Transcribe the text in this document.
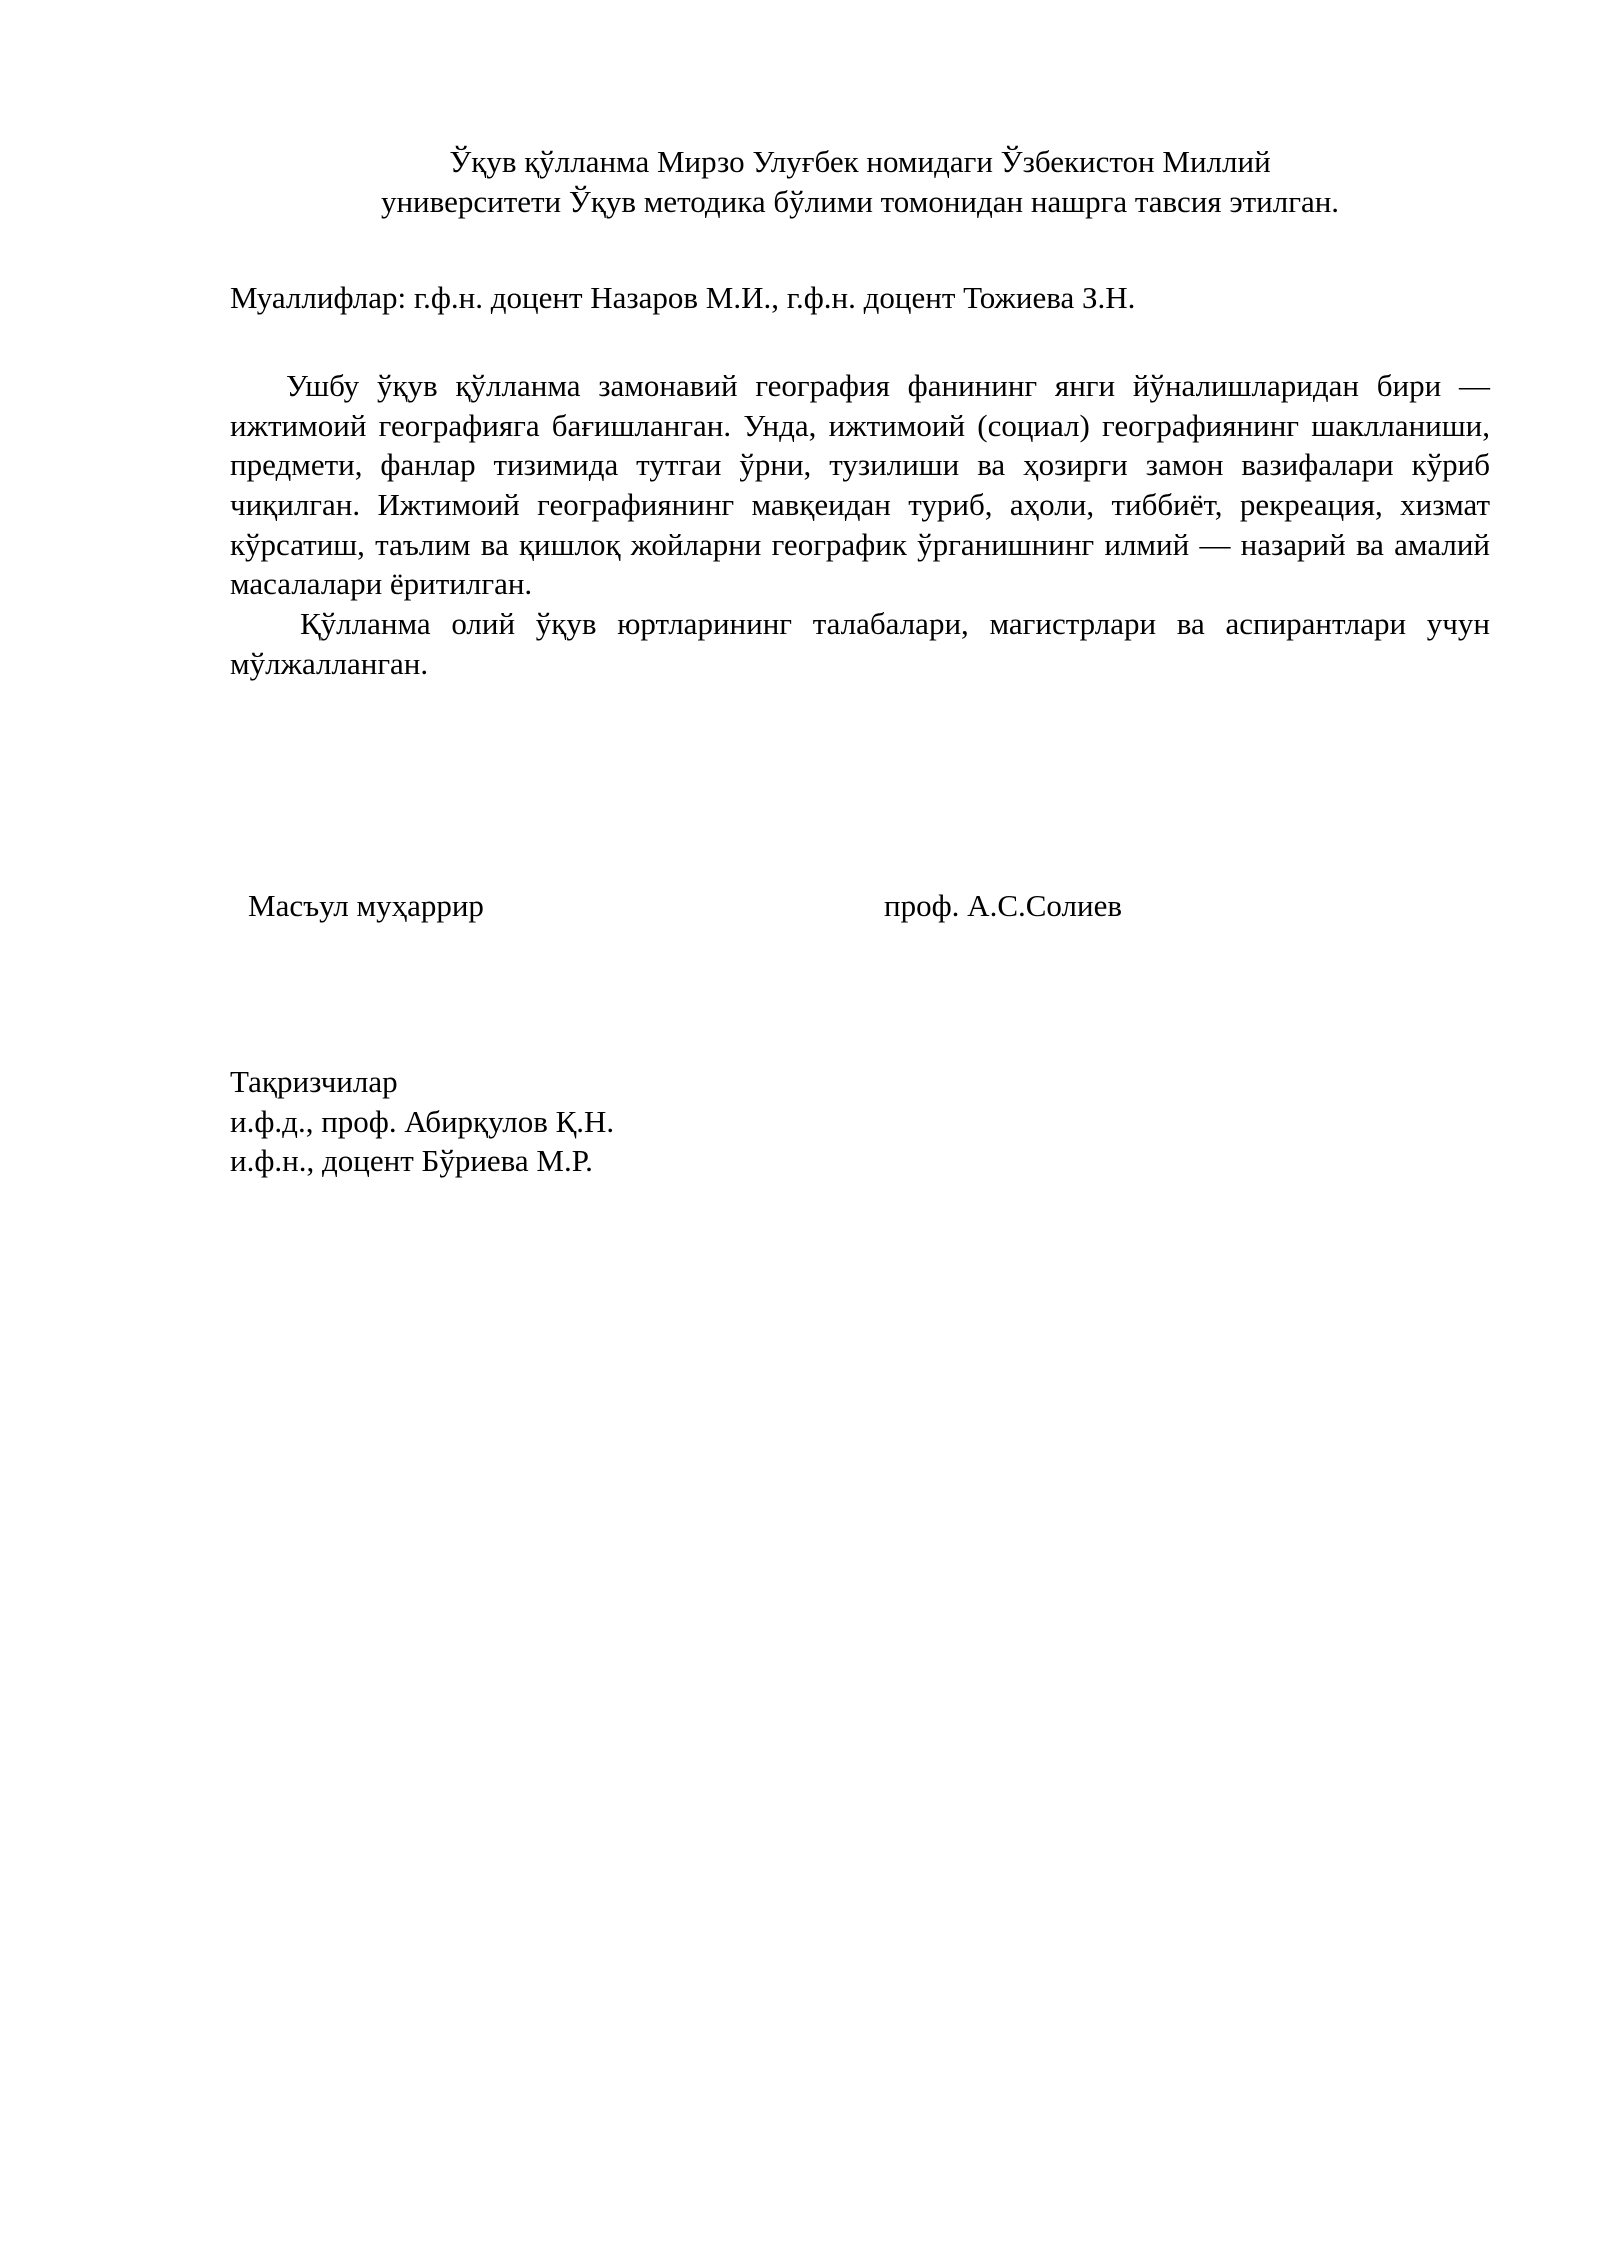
Ўқув қўлланма Мирзо Улуғбек номидаги Ўзбекистон Миллий
университети Ўқув методика бўлими томонидан нашрга тавсия этилган.
Муаллифлар: г.ф.н. доцент Назаров М.И., г.ф.н. доцент Тожиева З.Н.

Ушбу ўқув қўлланма замонавий география фанининг янги йўналишларидан бири — ижтимоий географияга бағишланган. Унда, ижтимоий (социал) географиянинг шаклланиши, предмети, фанлар тизимида тутгаи ўрни, тузилиши ва ҳозирги замон вазифалари кўриб чиқилган. Ижтимоий географиянинг мавқеидан туриб, аҳоли, тиббиёт, рекреация, хизмат кўрсатиш, таълим ва қишлоқ жойларни географик ўрганишнинг илмий — назарий ва амалий масалалари ёритилган.

Қўлланма олий ўқув юртларининг талабалари, магистрлари ва аспирантлари учун мўлжалланган.

Масъул муҳаррир	проф. А.С.Солиев
Тақризчилар
и.ф.д., проф. Абирқулов Қ.Н.
и.ф.н., доцент Бўриева М.Р.
